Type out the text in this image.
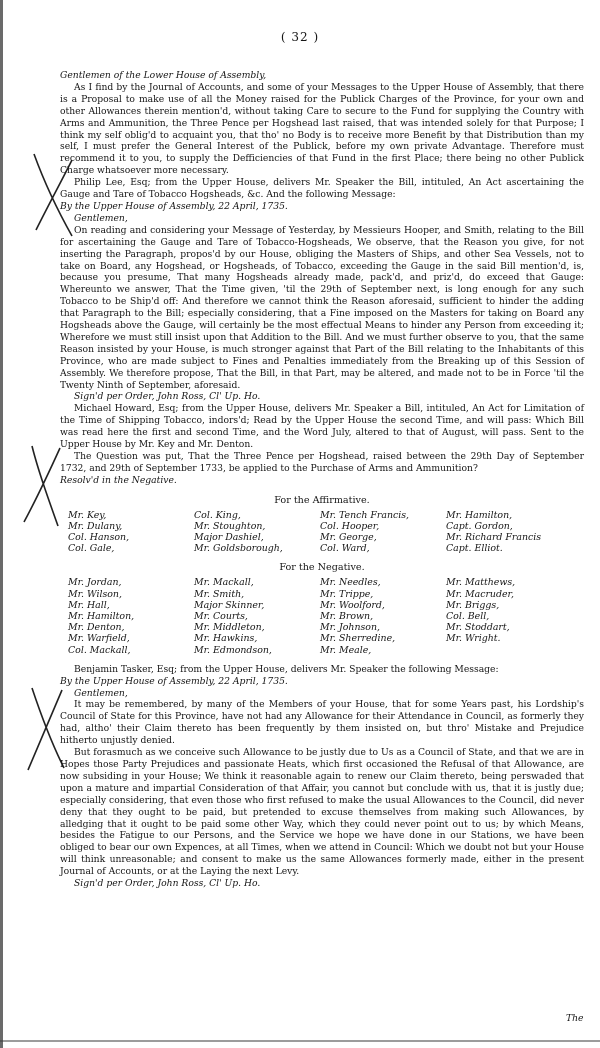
( 32 )

Gentlemen of the Lower House of Assembly,

As I find by the Journal of Accounts, and some of your Messages to the Upper House of Assembly, that there is a Proposal to make use of all the Money raised for the Publick Charges of the Province, for your own and other Allowances therein mention'd, without taking Care to secure to the Fund for supplying the Country with Arms and Ammunition, the Three Pence per Hogshead last raised, that was intended solely for that Purpose; I think my self oblig'd to acquaint you, that tho' no Body is to receive more Benefit by that Distribution than my self, I must prefer the General Interest of the Publick, before my own private Advantage. Therefore must recommend it to you, to supply the Defficiencies of that Fund in the first Place; there being no other Publick Charge whatsoever more necessary.

Philip Lee, Esq; from the Upper House, delivers Mr. Speaker the Bill, intituled, An Act ascertaining the Gauge and Tare of Tobacco Hogsheads, &c. And the following Message:

By the Upper House of Assembly, 22 April, 1735.

Gentlemen,

On reading and considering your Message of Yesterday, by Messieurs Hooper, and Smith, relating to the Bill for ascertaining the Gauge and Tare of Tobacco-Hogsheads, We observe, that the Reason you give, for not inserting the Paragraph, propos'd by our House, obliging the Masters of Ships, and other Sea Vessels, not to take on Board, any Hogshead, or Hogsheads, of Tobacco, exceeding the Gauge in the said Bill mention'd, is, because you presume, That many Hogsheads already made, pack'd, and priz'd, do exceed that Gauge: Whereunto we answer, That the Time given, 'til the 29th of September next, is long enough for any such Tobacco to be Ship'd off: And therefore we cannot think the Reason aforesaid, sufficient to hinder the adding that Paragraph to the Bill; especially considering, that a Fine imposed on the Masters for taking on Board any Hogsheads above the Gauge, will certainly be the most effectual Means to hinder any Person from exceeding it; Wherefore we must still insist upon that Addition to the Bill. And we must further observe to you, that the same Reason insisted by your House, is much stronger against that Part of the Bill relating to the Inhabitants of this Province, who are made subject to Fines and Penalties immediately from the Breaking up of this Session of Assembly. We therefore propose, That the Bill, in that Part, may be altered, and made not to be in Force 'til the Twenty Ninth of September, aforesaid.

Sign'd per Order, John Ross, Cl' Up. Ho.

Michael Howard, Esq; from the Upper House, delivers Mr. Speaker a Bill, intituled, An Act for Limitation of the Time of Shipping Tobacco, indors'd; Read by the Upper House the second Time, and will pass: Which Bill was read here the first and second Time, and the Word July, altered to that of August, will pass. Sent to the Upper House by Mr. Key and Mr. Denton.

The Question was put, That the Three Pence per Hogshead, raised between the 29th Day of September 1732, and 29th of September 1733, be applied to the Purchase of Arms and Ammunition?

Resolv'd in the Negative.

For the Affirmative.
Mr. Key,	Col. King,	Mr. Tench Francis,	Mr. Hamilton,
Mr. Dulany,	Mr. Stoughton,	Col. Hooper,	Capt. Gordon,
Col. Hanson,	Major Dashiel,	Mr. George,	Mr. Richard Francis
Col. Gale,	Mr. Goldsborough,	Col. Ward,	Capt. Elliot.
For the Negative.
Mr. Jordan,	Mr. Mackall,	Mr. Needles,	Mr. Matthews,
Mr. Wilson,	Mr. Smith,	Mr. Trippe,	Mr. Macruder,
Mr. Hall,	Major Skinner,	Mr. Woolford,	Mr. Briggs,
Mr. Hamilton,	Mr. Courts,	Mr. Brown,	Col. Bell,
Mr. Denton,	Mr. Middleton,	Mr. Johnson,	Mr. Stoddart,
Mr. Warfield,	Mr. Hawkins,	Mr. Sherredine,	Mr. Wright.
Col. Mackall,	Mr. Edmondson,	Mr. Meale,

Benjamin Tasker, Esq; from the Upper House, delivers Mr. Speaker the following Message:

By the Upper House of Assembly, 22 April, 1735.

Gentlemen,

It may be remembered, by many of the Members of your House, that for some Years past, his Lordship's Council of State for this Province, have not had any Allowance for their Attendance in Council, as formerly they had, altho' their Claim thereto has been frequently by them insisted on, but thro' Mistake and Prejudice hitherto unjustly denied.

But forasmuch as we conceive such Allowance to be justly due to Us as a Council of State, and that we are in Hopes those Party Prejudices and passionate Heats, which first occasioned the Refusal of that Allowance, are now subsiding in your House; We think it reasonable again to renew our Claim thereto, being perswaded that upon a mature and impartial Consideration of that Affair, you cannot but conclude with us, that it is justly due; especially considering, that even those who first refused to make the usual Allowances to the Council, did never deny that they ought to be paid, but pretended to excuse themselves from making such Allowances, by alledging that it ought to be paid some other Way, which they could never point out to us; by which Means, besides the Fatigue to our Persons, and the Service we hope we have done in our Stations, we have been obliged to bear our own Expences, at all Times, when we attend in Council: Which we doubt not but your House will think unreasonable; and consent to make us the same Allowances formerly made, either in the present Journal of Accounts, or at the Laying the next Levy.

Sign'd per Order, John Ross, Cl' Up. Ho.

The
